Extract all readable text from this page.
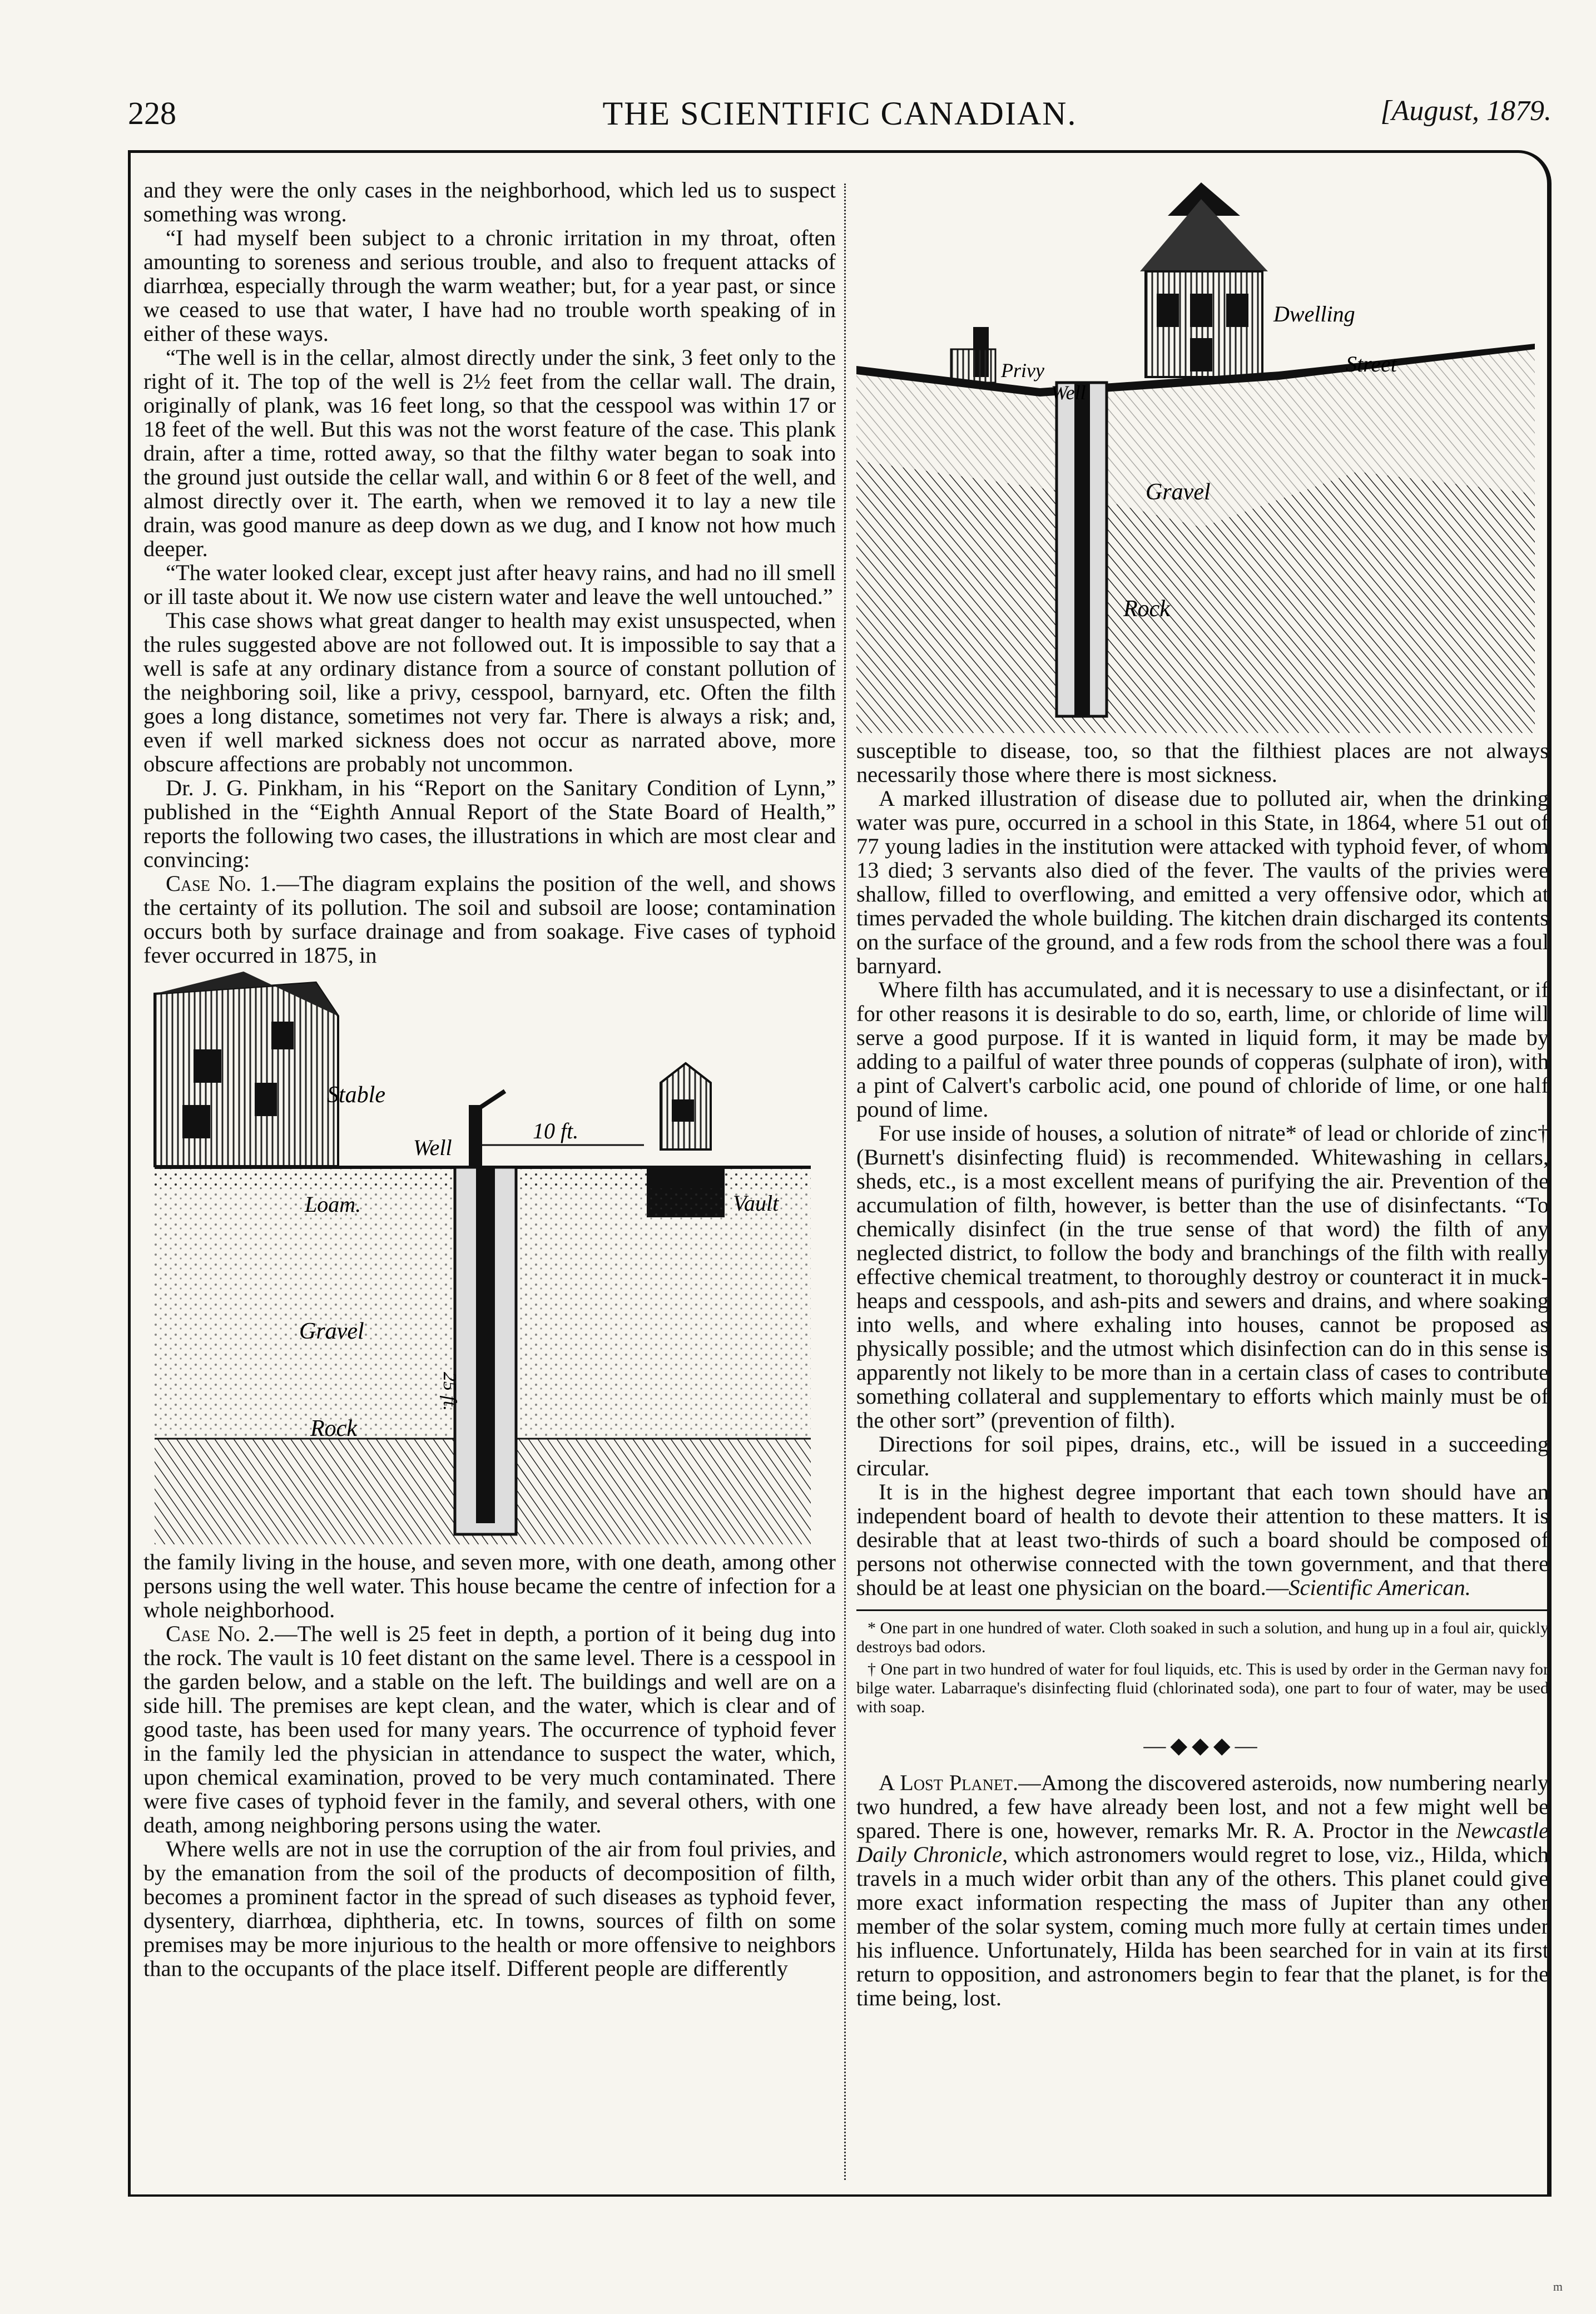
228	THE SCIENTIFIC CANADIAN.	[August, 1879.

and they were the only cases in the neighborhood, which led us to suspect something was wrong.

“I had myself been subject to a chronic irritation in my throat, often amounting to soreness and serious trouble, and also to frequent attacks of diarrhœa, especially through the warm weather; but, for a year past, or since we ceased to use that water, I have had no trouble worth speaking of in either of these ways.

“The well is in the cellar, almost directly under the sink, 3 feet only to the right of it. The top of the well is 2½ feet from the cellar wall. The drain, originally of plank, was 16 feet long, so that the cesspool was within 17 or 18 feet of the well. But this was not the worst feature of the case. This plank drain, after a time, rotted away, so that the filthy water began to soak into the ground just outside the cellar wall, and within 6 or 8 feet of the well, and almost directly over it. The earth, when we removed it to lay a new tile drain, was good manure as deep down as we dug, and I know not how much deeper.

“The water looked clear, except just after heavy rains, and had no ill smell or ill taste about it. We now use cistern water and leave the well untouched.”

This case shows what great danger to health may exist unsuspected, when the rules suggested above are not followed out. It is impossible to say that a well is safe at any ordinary distance from a source of constant pollution of the neighboring soil, like a privy, cesspool, barnyard, etc. Often the filth goes a long distance, sometimes not very far. There is always a risk; and, even if well marked sickness does not occur as narrated above, more obscure affections are probably not uncommon.

Dr. J. G. Pinkham, in his “Report on the Sanitary Condition of Lynn,” published in the “Eighth Annual Report of the State Board of Health,” reports the following two cases, the illustrations in which are most clear and convincing:

Case No. 1.—The diagram explains the position of the well, and shows the certainty of its pollution. The soil and subsoil are loose; contamination occurs both by surface drainage and from soakage. Five cases of typhoid fever occurred in 1875, in

Stable
Well
10 ft.
Loam.	Vault
Gravel
25 ft.
Rock

the family living in the house, and seven more, with one death, among other persons using the well water. This house became the centre of infection for a whole neighborhood.

Case No. 2.—The well is 25 feet in depth, a portion of it being dug into the rock. The vault is 10 feet distant on the same level. There is a cesspool in the garden below, and a stable on the left. The buildings and well are on a side hill. The premises are kept clean, and the water, which is clear and of good taste, has been used for many years. The occurrence of typhoid fever in the family led the physician in attendance to suspect the water, which, upon chemical examination, proved to be very much contaminated. There were five cases of typhoid fever in the family, and several others, with one death, among neighboring persons using the water.

Where wells are not in use the corruption of the air from foul privies, and by the emanation from the soil of the products of decomposition of filth, becomes a prominent factor in the spread of such diseases as typhoid fever, dysentery, diarrhœa, diphtheria, etc. In towns, sources of filth on some premises may be more injurious to the health or more offensive to neighbors than to the occupants of the place itself. Different people are differently

Dwelling
Street
Privy
Well
Gravel
Rock

susceptible to disease, too, so that the filthiest places are not always necessarily those where there is most sickness.

A marked illustration of disease due to polluted air, when the drinking water was pure, occurred in a school in this State, in 1864, where 51 out of 77 young ladies in the institution were attacked with typhoid fever, of whom 13 died; 3 servants also died of the fever. The vaults of the privies were shallow, filled to overflowing, and emitted a very offensive odor, which at times pervaded the whole building. The kitchen drain discharged its contents on the surface of the ground, and a few rods from the school there was a foul barnyard.

Where filth has accumulated, and it is necessary to use a disinfectant, or if for other reasons it is desirable to do so, earth, lime, or chloride of lime will serve a good purpose. If it is wanted in liquid form, it may be made by adding to a pailful of water three pounds of copperas (sulphate of iron), with a pint of Calvert's carbolic acid, one pound of chloride of lime, or one half pound of lime.

For use inside of houses, a solution of nitrate* of lead or chloride of zinc† (Burnett's disinfecting fluid) is recommended. Whitewashing in cellars, sheds, etc., is a most excellent means of purifying the air. Prevention of the accumulation of filth, however, is better than the use of disinfectants. “To chemically disinfect (in the true sense of that word) the filth of any neglected district, to follow the body and branchings of the filth with really effective chemical treatment, to thoroughly destroy or counteract it in muck-heaps and cesspools, and ash-pits and sewers and drains, and where soaking into wells, and where exhaling into houses, cannot be proposed as physically possible; and the utmost which disinfection can do in this sense is apparently not likely to be more than in a certain class of cases to contribute something collateral and supplementary to efforts which mainly must be of the other sort” (prevention of filth).

Directions for soil pipes, drains, etc., will be issued in a succeeding circular.

It is in the highest degree important that each town should have an independent board of health to devote their attention to these matters. It is desirable that at least two-thirds of such a board should be composed of persons not otherwise connected with the town government, and that there should be at least one physician on the board.—Scientific American.

* One part in one hundred of water. Cloth soaked in such a solution, and hung up in a foul air, quickly destroys bad odors.

† One part in two hundred of water for foul liquids, etc. This is used by order in the German navy for bilge water. Labarraque's disinfecting fluid (chlorinated soda), one part to four of water, may be used with soap.

—◆◆◆—

A Lost Planet.—Among the discovered asteroids, now numbering nearly two hundred, a few have already been lost, and not a few might well be spared. There is one, however, remarks Mr. R. A. Proctor in the Newcastle Daily Chronicle, which astronomers would regret to lose, viz., Hilda, which travels in a much wider orbit than any of the others. This planet could give more exact information respecting the mass of Jupiter than any other member of the solar system, coming much more fully at certain times under his influence. Unfortunately, Hilda has been searched for in vain at its first return to opposition, and astronomers begin to fear that the planet, is for the time being, lost.

m
